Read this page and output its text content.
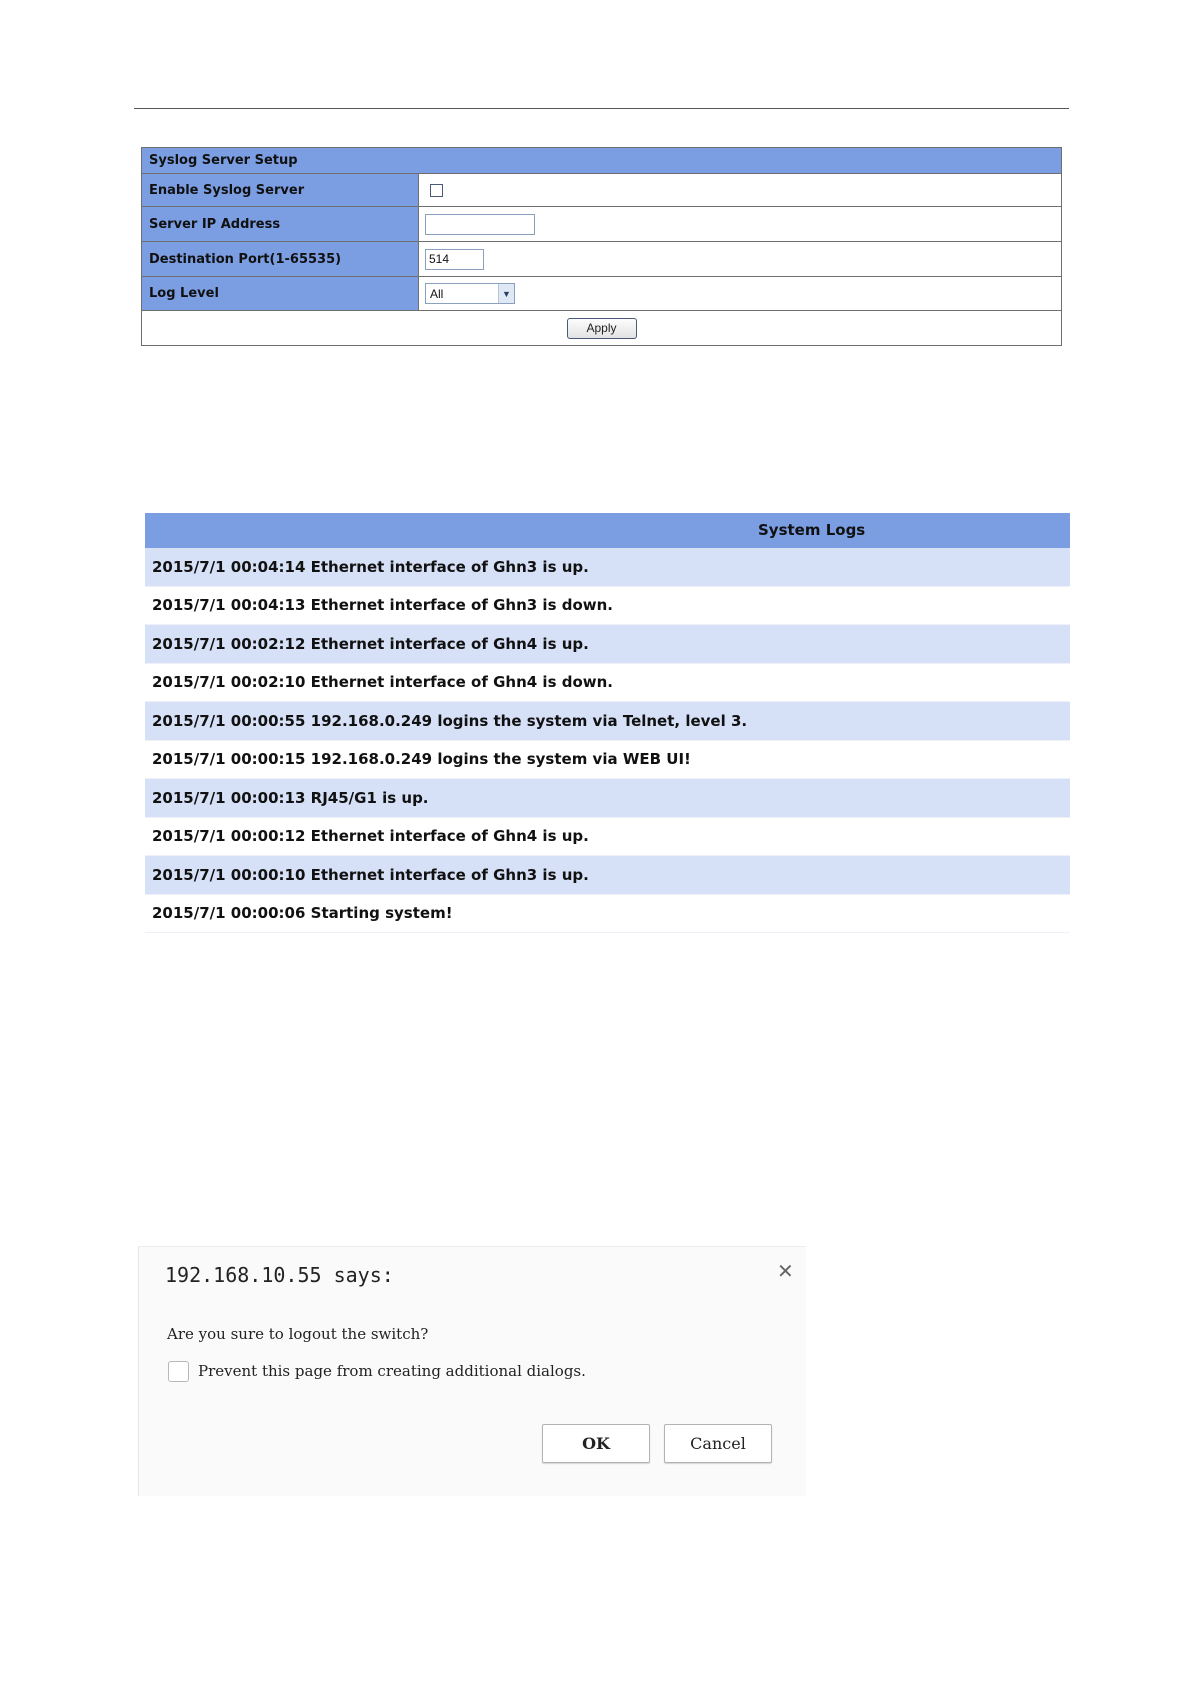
Syslog Server Setup
Enable Syslog Server
Server IP Address
Destination Port(1-65535)	514
Log Level	All	▼
Apply
System Logs
2015/7/1 00:04:14 Ethernet interface of Ghn3 is up.
2015/7/1 00:04:13 Ethernet interface of Ghn3 is down.
2015/7/1 00:02:12 Ethernet interface of Ghn4 is up.
2015/7/1 00:02:10 Ethernet interface of Ghn4 is down.
2015/7/1 00:00:55 192.168.0.249 logins the system via Telnet, level 3.
2015/7/1 00:00:15 192.168.0.249 logins the system via WEB UI!
2015/7/1 00:00:13 RJ45/G1 is up.
2015/7/1 00:00:12 Ethernet interface of Ghn4 is up.
2015/7/1 00:00:10 Ethernet interface of Ghn3 is up.
2015/7/1 00:00:06 Starting system!
192.168.10.55 says:	✕
Are you sure to logout the switch?
Prevent this page from creating additional dialogs.
OK	Cancel
